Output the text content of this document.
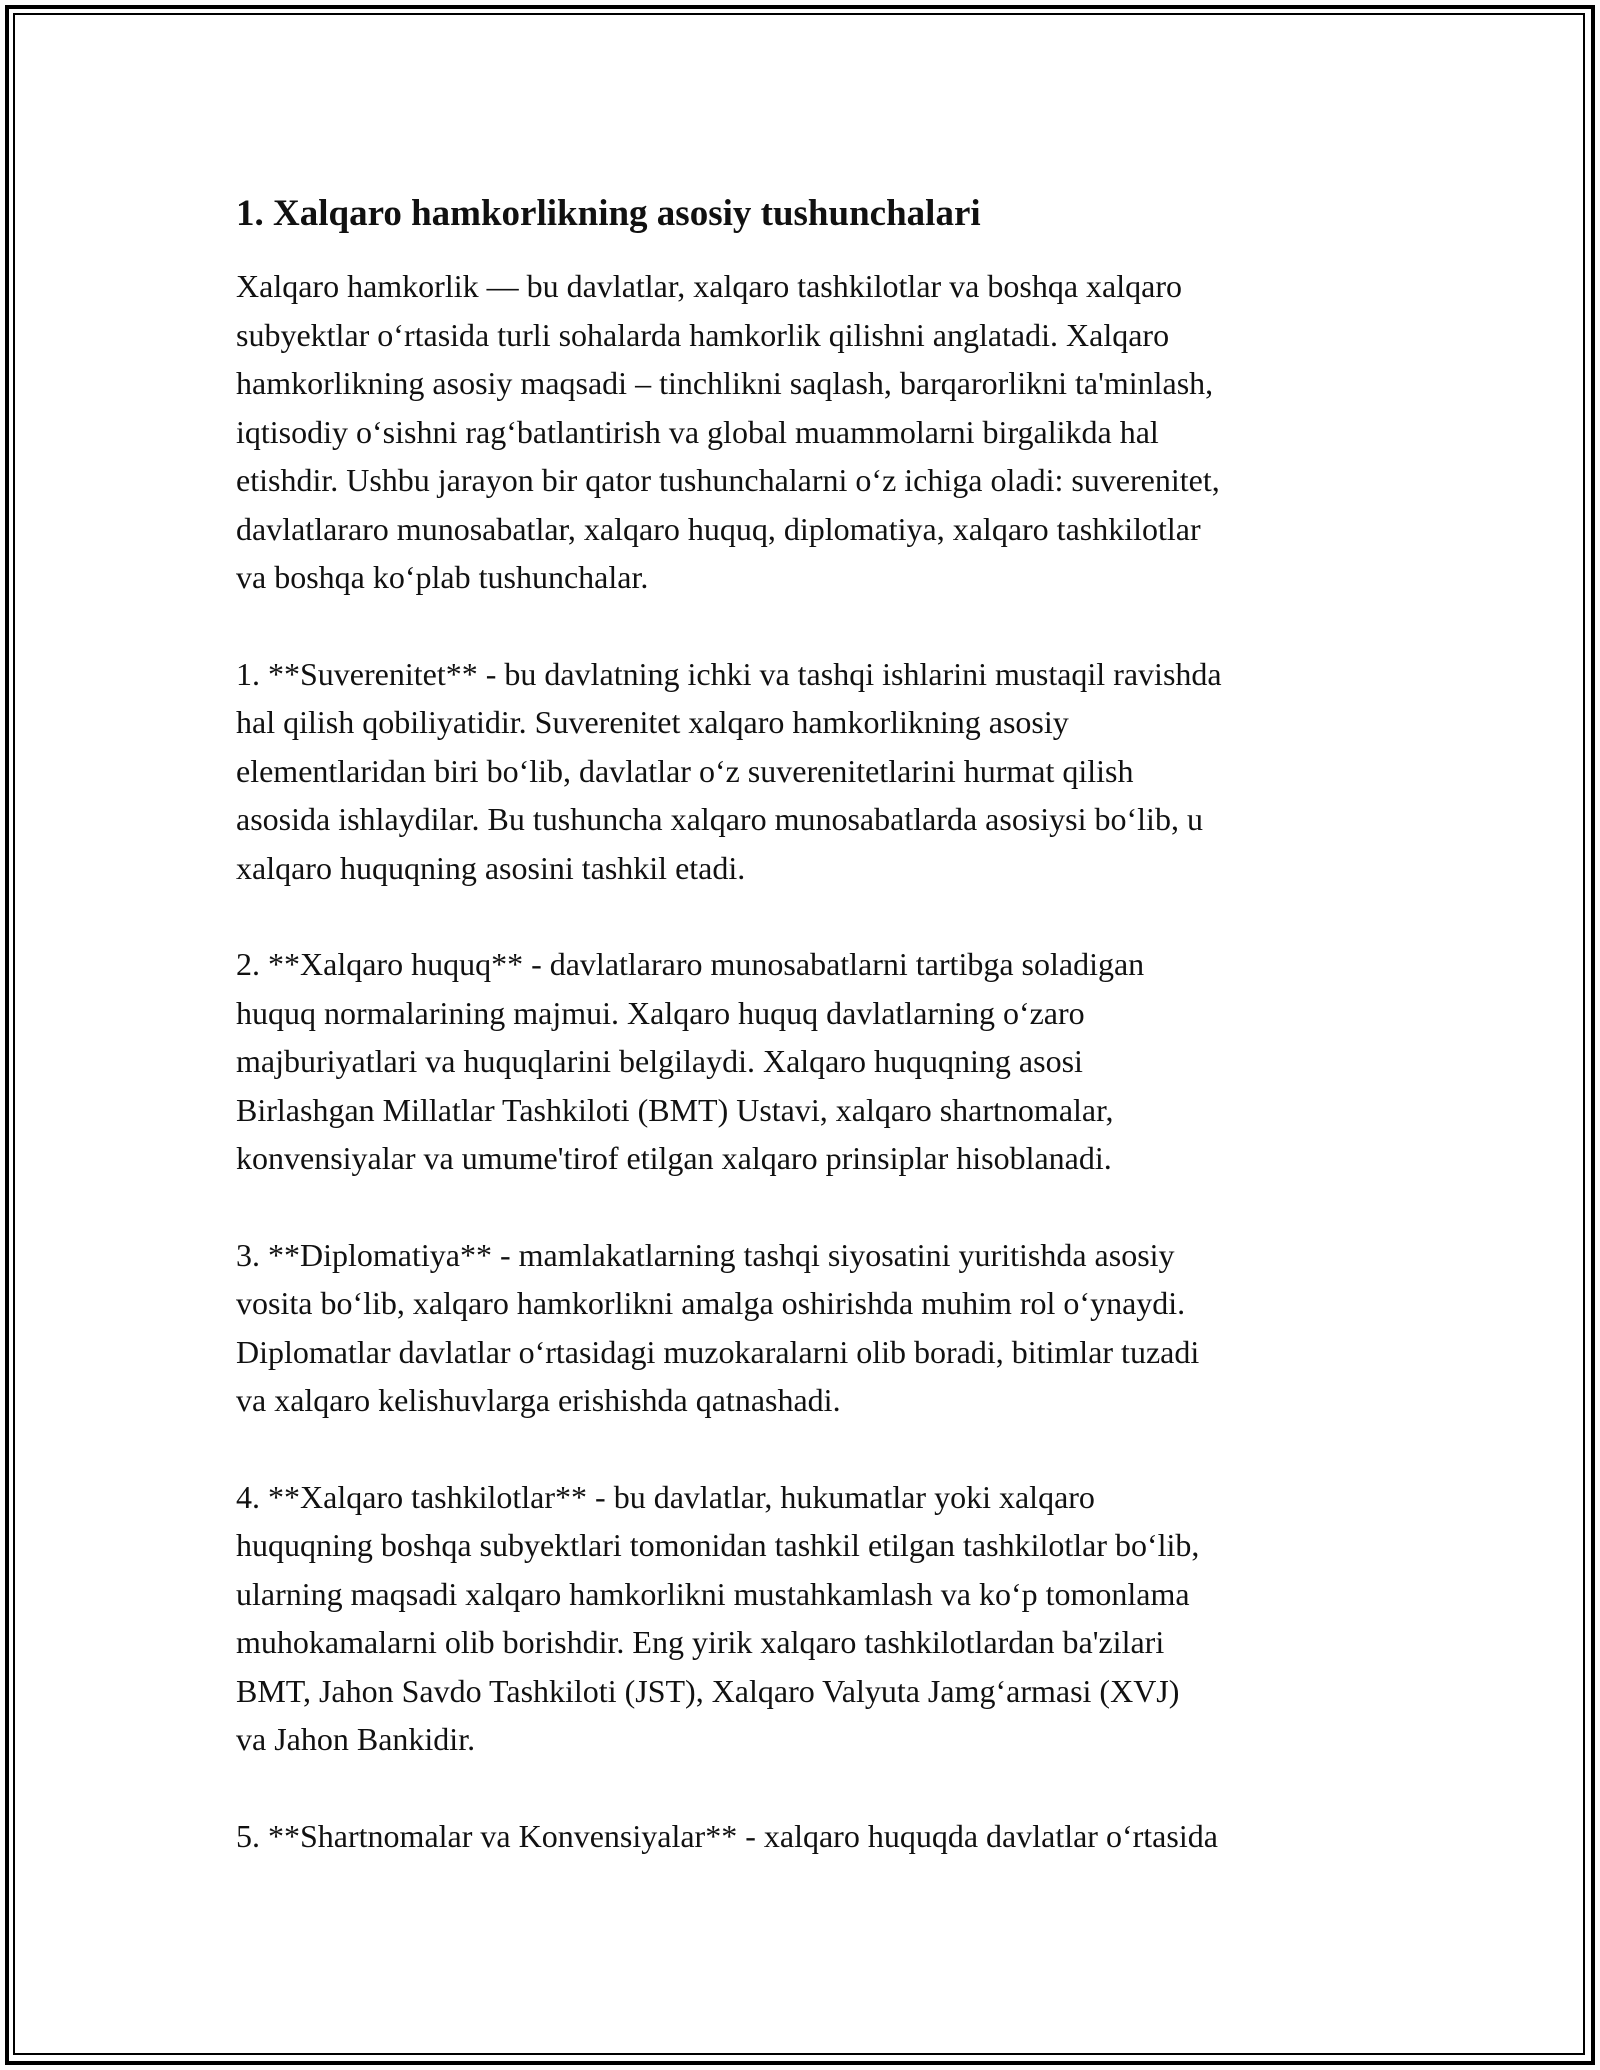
1. Xalqaro hamkorlikning asosiy tushunchalari

Xalqaro hamkorlik — bu davlatlar, xalqaro tashkilotlar va boshqa xalqaro
subyektlar o‘rtasida turli sohalarda hamkorlik qilishni anglatadi. Xalqaro
hamkorlikning asosiy maqsadi – tinchlikni saqlash, barqarorlikni ta'minlash,
iqtisodiy o‘sishni rag‘batlantirish va global muammolarni birgalikda hal
etishdir. Ushbu jarayon bir qator tushunchalarni o‘z ichiga oladi: suverenitet,
davlatlararo munosabatlar, xalqaro huquq, diplomatiya, xalqaro tashkilotlar
va boshqa ko‘plab tushunchalar.

1. **Suverenitet** - bu davlatning ichki va tashqi ishlarini mustaqil ravishda
hal qilish qobiliyatidir. Suverenitet xalqaro hamkorlikning asosiy
elementlaridan biri bo‘lib, davlatlar o‘z suverenitetlarini hurmat qilish
asosida ishlaydilar. Bu tushuncha xalqaro munosabatlarda asosiysi bo‘lib, u
xalqaro huquqning asosini tashkil etadi.

2. **Xalqaro huquq** - davlatlararo munosabatlarni tartibga soladigan
huquq normalarining majmui. Xalqaro huquq davlatlarning o‘zaro
majburiyatlari va huquqlarini belgilaydi. Xalqaro huquqning asosi
Birlashgan Millatlar Tashkiloti (BMT) Ustavi, xalqaro shartnomalar,
konvensiyalar va umume'tirof etilgan xalqaro prinsiplar hisoblanadi.

3. **Diplomatiya** - mamlakatlarning tashqi siyosatini yuritishda asosiy
vosita bo‘lib, xalqaro hamkorlikni amalga oshirishda muhim rol o‘ynaydi.
Diplomatlar davlatlar o‘rtasidagi muzokaralarni olib boradi, bitimlar tuzadi
va xalqaro kelishuvlarga erishishda qatnashadi.

4. **Xalqaro tashkilotlar** - bu davlatlar, hukumatlar yoki xalqaro
huquqning boshqa subyektlari tomonidan tashkil etilgan tashkilotlar bo‘lib,
ularning maqsadi xalqaro hamkorlikni mustahkamlash va ko‘p tomonlama
muhokamalarni olib borishdir. Eng yirik xalqaro tashkilotlardan ba'zilari
BMT, Jahon Savdo Tashkiloti (JST), Xalqaro Valyuta Jamg‘armasi (XVJ)
va Jahon Bankidir.

5. **Shartnomalar va Konvensiyalar** - xalqaro huquqda davlatlar o‘rtasida
